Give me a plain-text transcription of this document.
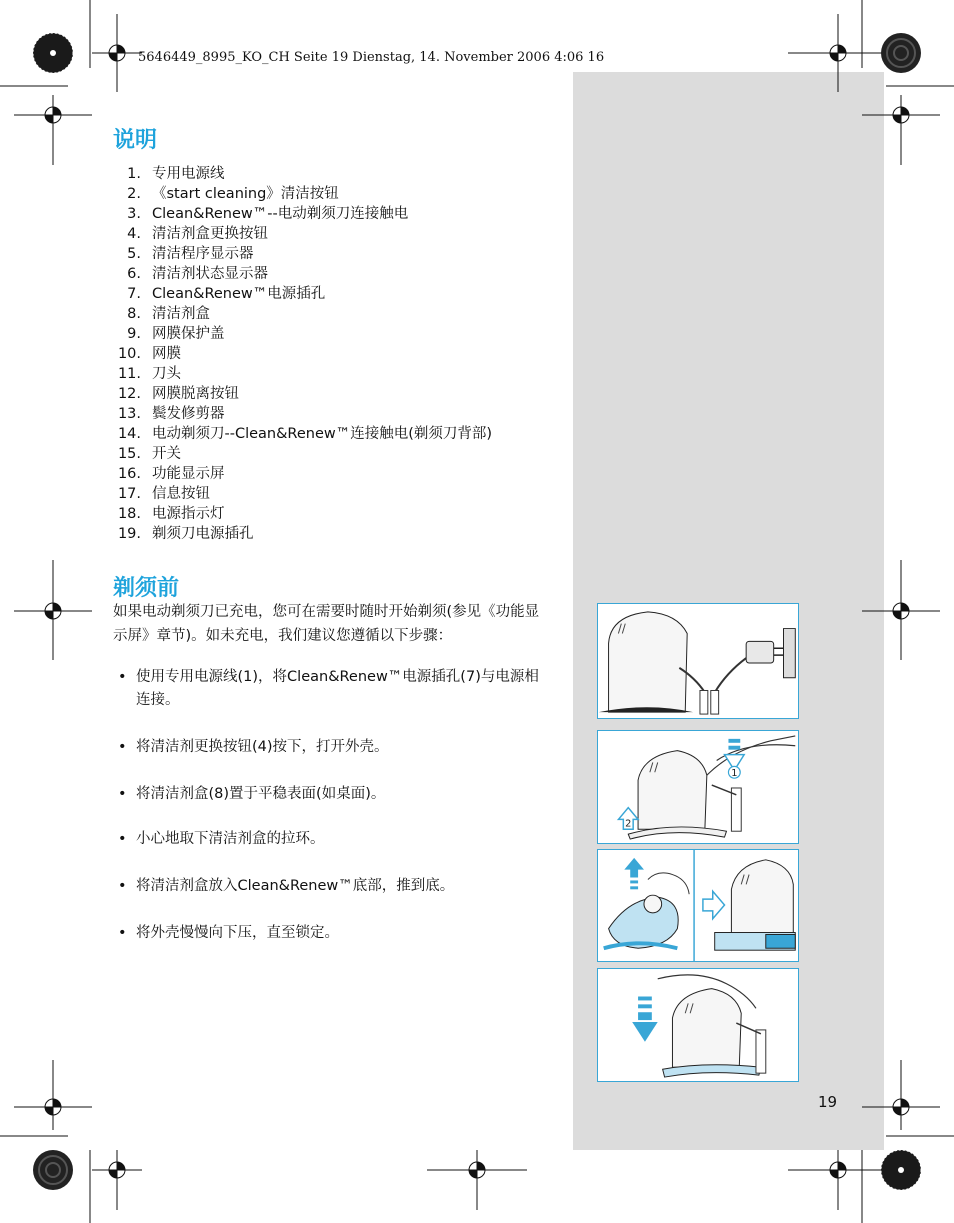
5646449_8995_KO_CH Seite 19 Dienstag, 14. November 2006 4:06 16
说明
1. 专用电源线
2. 《start cleaning》清洁按钮
3. Clean&Renew™--电动剃须刀连接触电
4. 清洁剂盒更换按钮
5. 清洁程序显示器
6. 清洁剂状态显示器
7. Clean&Renew™电源插孔
8. 清洁剂盒
9. 网膜保护盖
10. 网膜
11. 刀头
12. 网膜脱离按钮
13. 鬓发修剪器
14. 电动剃须刀--Clean&Renew™连接触电(剃须刀背部)
15. 开关
16. 功能显示屏
17. 信息按钮
18. 电源指示灯
19. 剃须刀电源插孔
剃须前
如果电动剃须刀已充电，您可在需要时随时开始剃须(参见《功能显示屏》章节)。如未充电，我们建议您遵循以下步骤：
• 使用专用电源线(1)，将Clean&Renew™电源插孔(7)与电源相连接。
• 将清洁剂更换按钮(4)按下，打开外壳。
• 将清洁剂盒(8)置于平稳表面(如桌面)。
• 小心地取下清洁剂盒的拉环。
• 将清洁剂盒放入Clean&Renew™底部，推到底。
• 将外壳慢慢向下压，直至锁定。
1
2
19
